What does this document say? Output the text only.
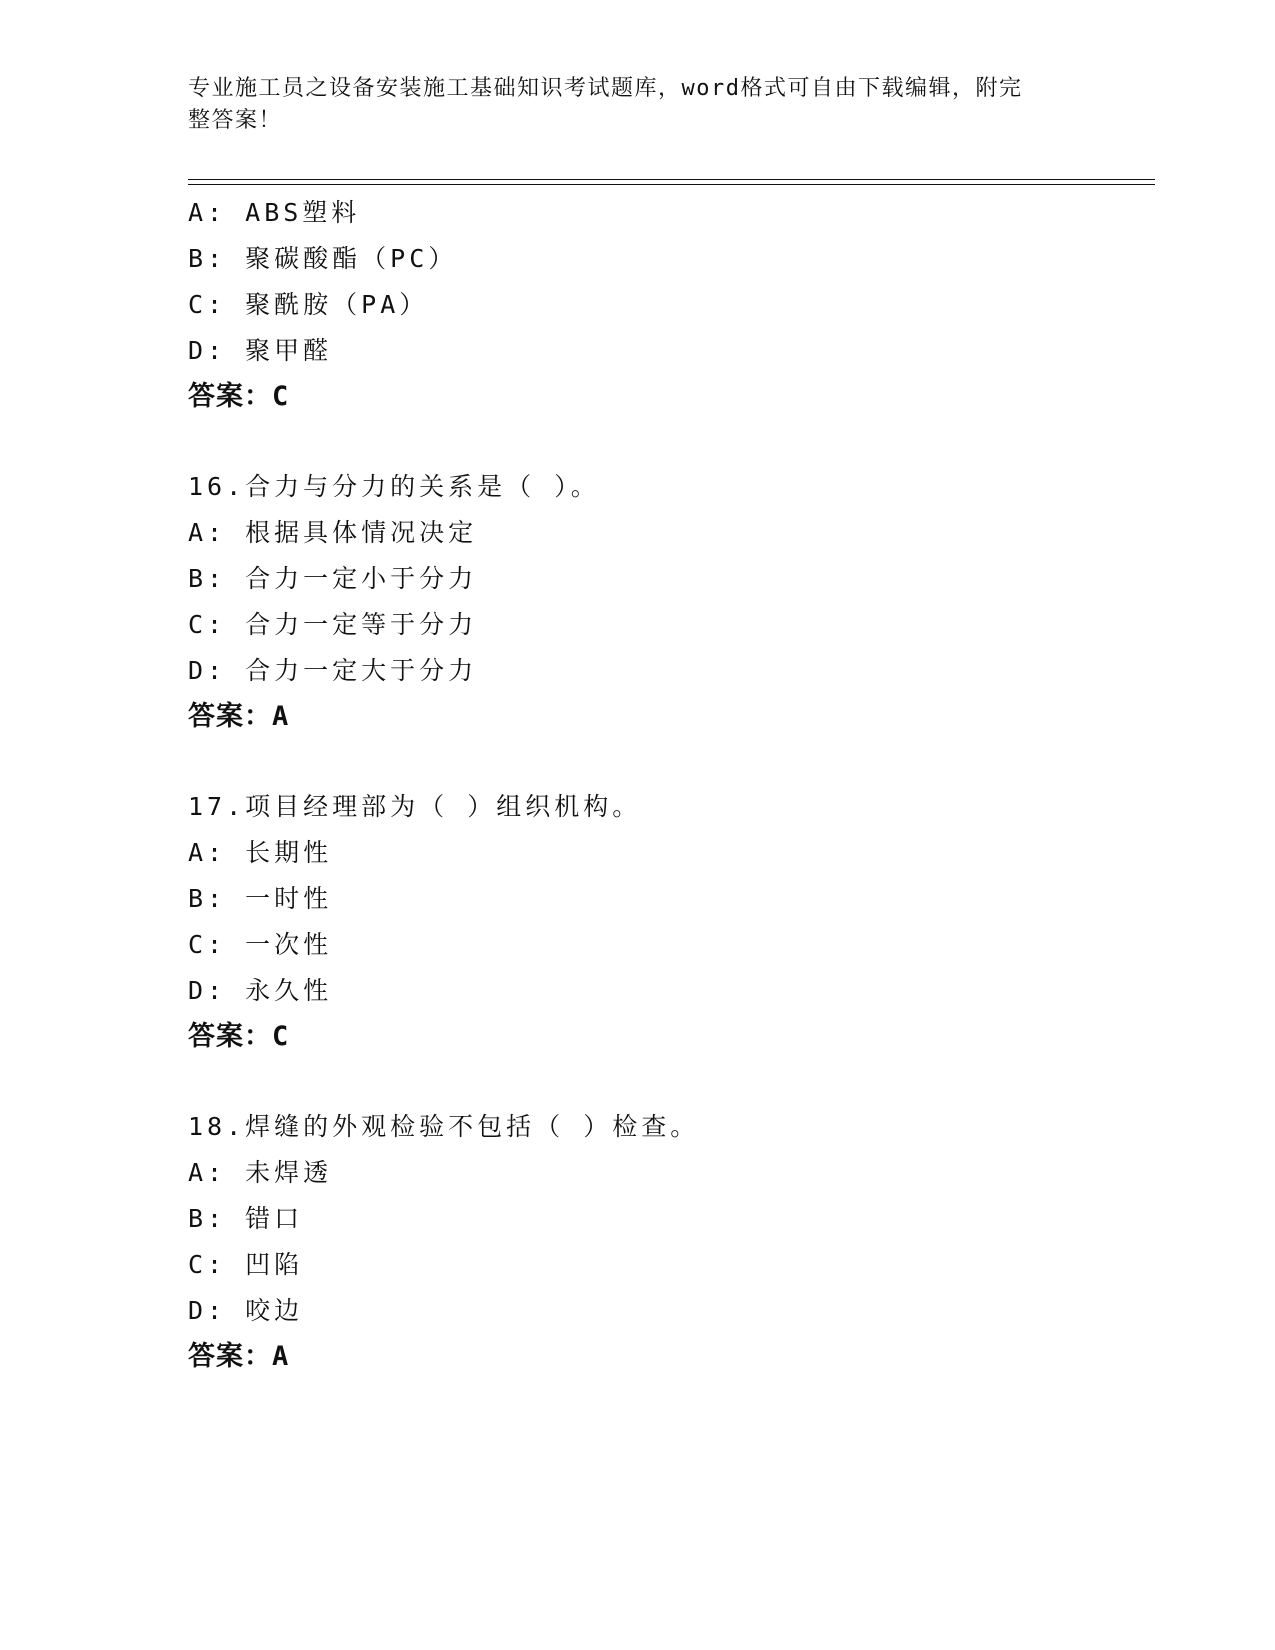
专业施工员之设备安装施工基础知识考试题库，word格式可自由下载编辑，附完
整答案！
A: ABS塑料
B: 聚碳酸酯（PC）
C: 聚酰胺（PA）
D: 聚甲醛
答案：C
16.合力与分力的关系是（ ）。
A: 根据具体情况决定
B: 合力一定小于分力
C: 合力一定等于分力
D: 合力一定大于分力
答案：A
17.项目经理部为（ ）组织机构。
A: 长期性
B: 一时性
C: 一次性
D: 永久性
答案：C
18.焊缝的外观检验不包括（ ）检查。
A: 未焊透
B: 错口
C: 凹陷
D: 咬边
答案：A
